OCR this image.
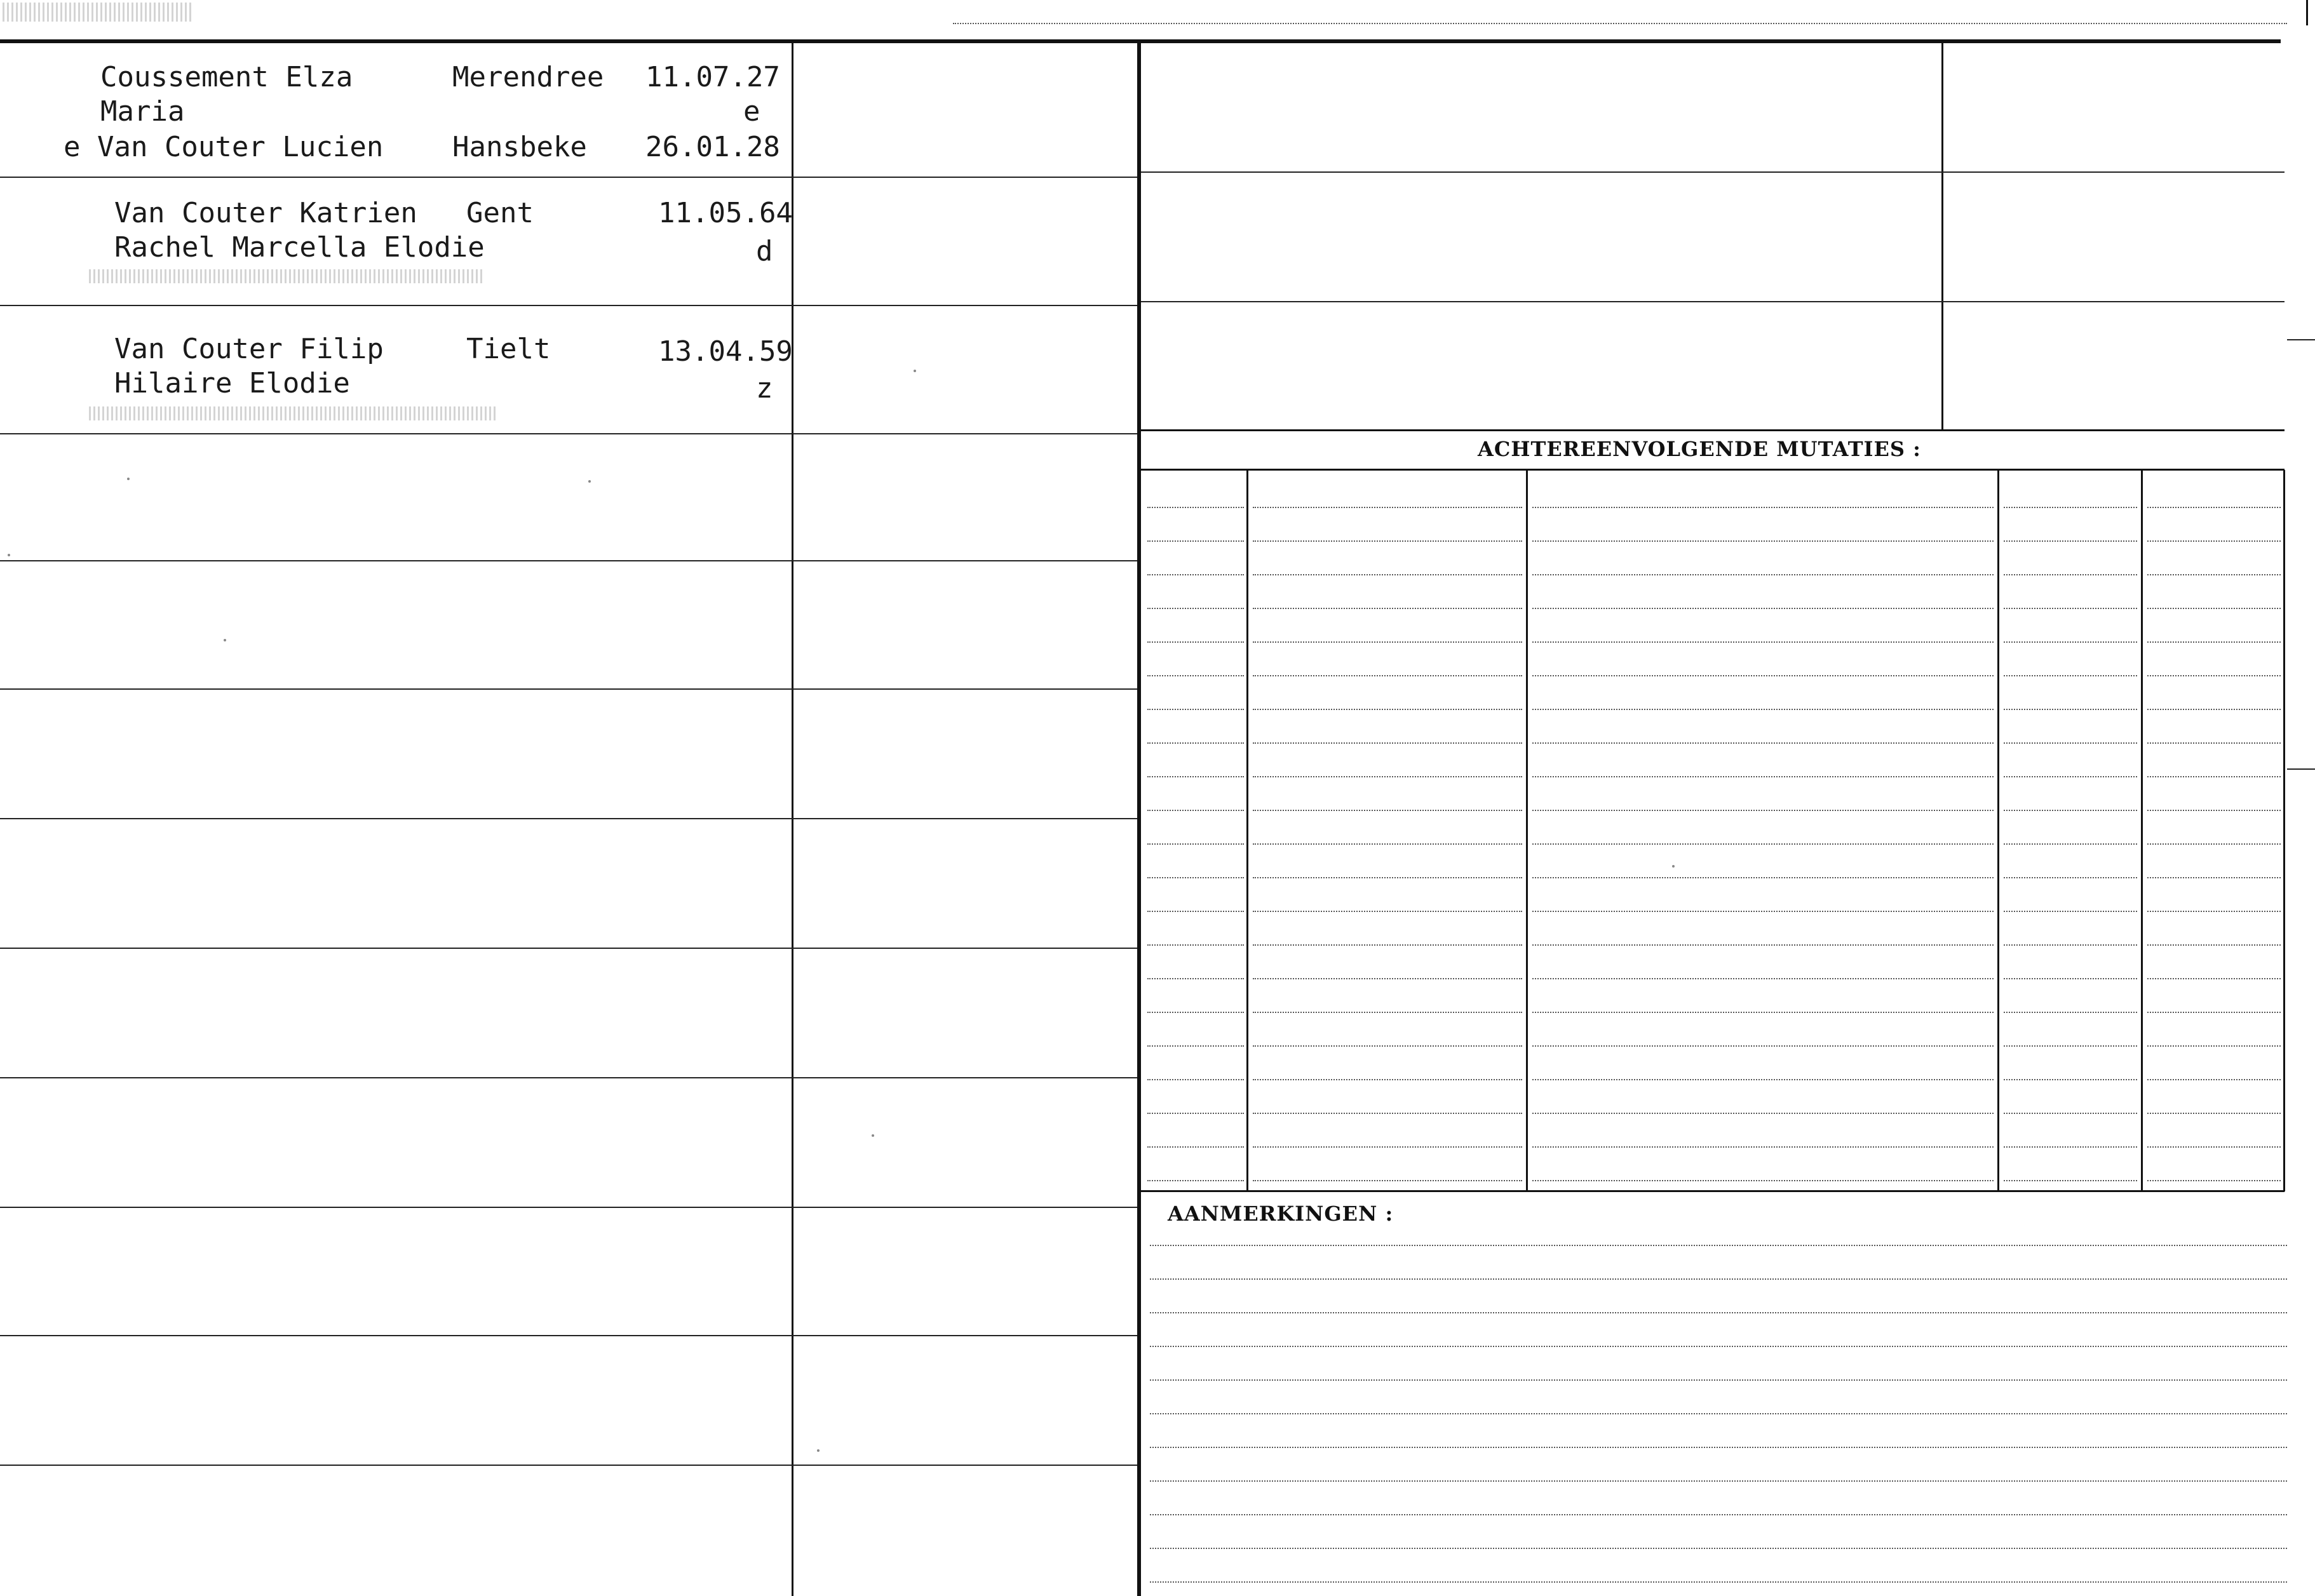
Coussement Elza
Maria
e Van Couter Lucien
Merendree
Hansbeke
11.07.27
e
26.01.28
Van Couter Katrien
Rachel Marcella Elodie
Gent	11.05.64
d
Van Couter Filip
Hilaire Elodie
Tielt	13.04.59
z
ACHTEREENVOLGENDE MUTATIES :
AANMERKINGEN :
